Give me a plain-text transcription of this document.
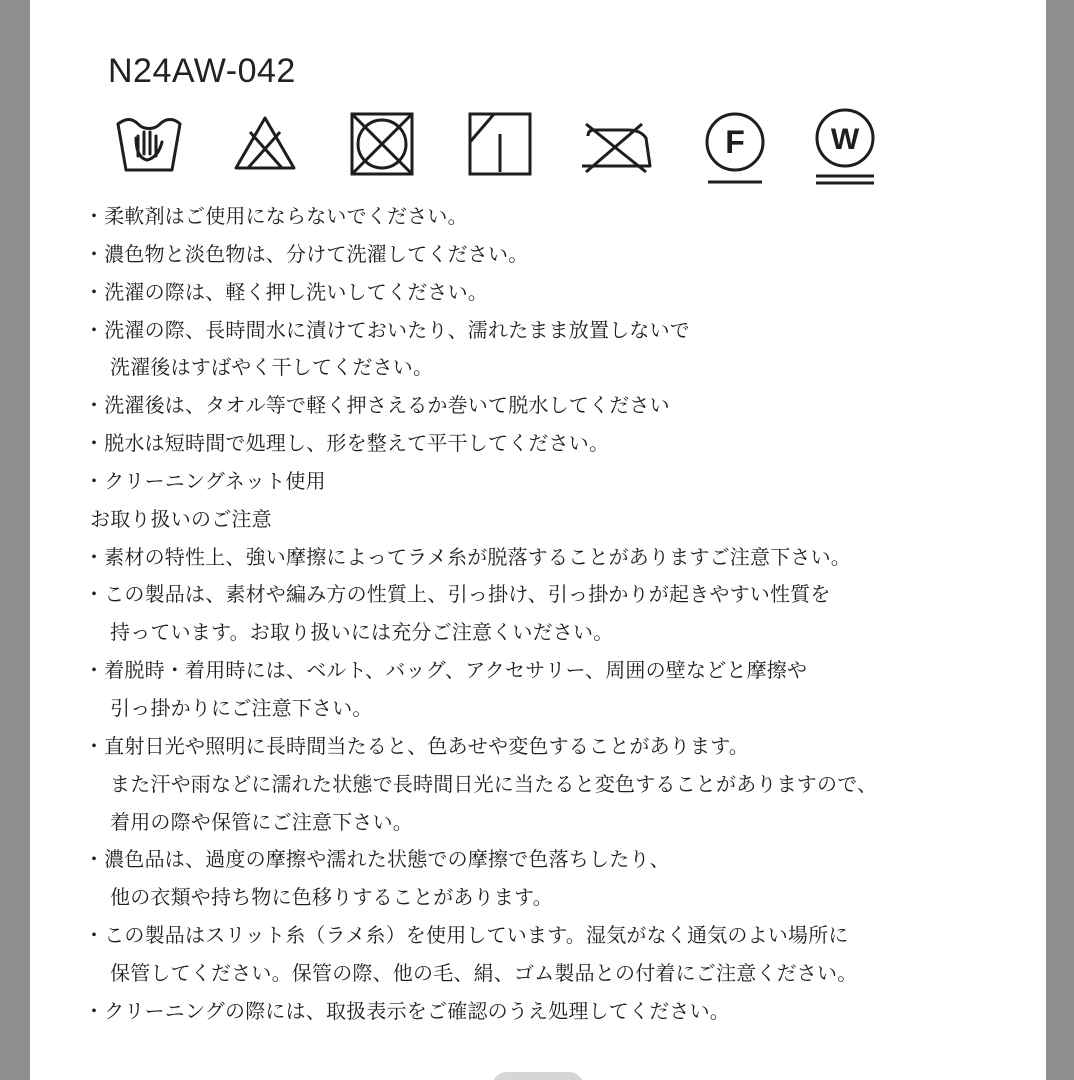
N24AW-042
F	W
・柔軟剤はご使用にならないでください。
・濃色物と淡色物は、分けて洗濯してください。
・洗濯の際は、軽く押し洗いしてください。
・洗濯の際、長時間水に漬けておいたり、濡れたまま放置しないで
洗濯後はすばやく干してください。
・洗濯後は、タオル等で軽く押さえるか巻いて脱水してください
・脱水は短時間で処理し、形を整えて平干してください。
・クリーニングネット使用
お取り扱いのご注意
・素材の特性上、強い摩擦によってラメ糸が脱落することがありますご注意下さい。
・この製品は、素材や編み方の性質上、引っ掛け、引っ掛かりが起きやすい性質を
持っています。お取り扱いには充分ご注意くいださい。
・着脱時・着用時には、ベルト、バッグ、アクセサリー、周囲の壁などと摩擦や
引っ掛かりにご注意下さい。
・直射日光や照明に長時間当たると、色あせや変色することがあります。
また汗や雨などに濡れた状態で長時間日光に当たると変色することがありますので、
着用の際や保管にご注意下さい。
・濃色品は、過度の摩擦や濡れた状態での摩擦で色落ちしたり、
他の衣類や持ち物に色移りすることがあります。
・この製品はスリット糸（ラメ糸）を使用しています。湿気がなく通気のよい場所に
保管してください。保管の際、他の毛、絹、ゴム製品との付着にご注意ください。
・クリーニングの際には、取扱表示をご確認のうえ処理してください。
